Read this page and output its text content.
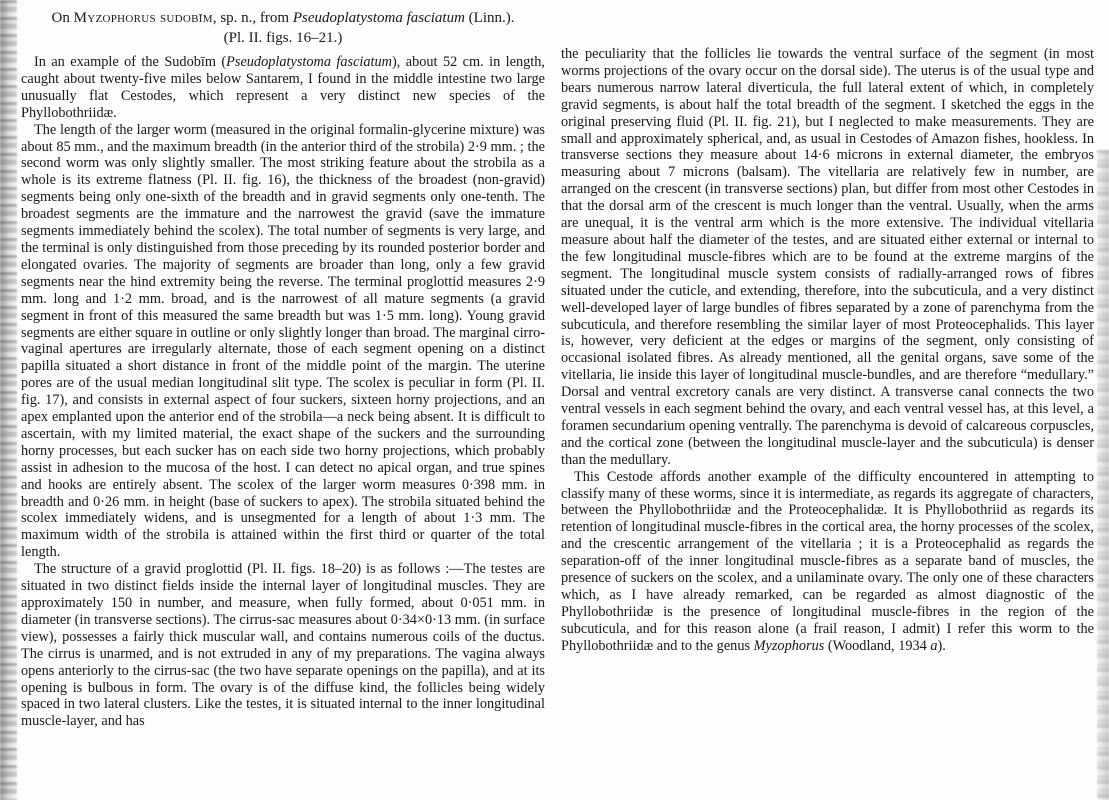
On Myzophorus sudobīm, sp. n., from Pseudoplatystoma fasciatum (Linn.).
(Pl. II. figs. 16–21.)

In an example of the Sudobīm (Pseudoplatystoma fasciatum), about 52 cm. in length, caught about twenty-five miles below Santarem, I found in the middle intestine two large unusually flat Cestodes, which represent a very distinct new species of the Phyllobothriidæ.

The length of the larger worm (measured in the original formalin-glycerine mixture) was about 85 mm., and the maximum breadth (in the anterior third of the strobila) 2·9 mm. ; the second worm was only slightly smaller. The most striking feature about the strobila as a whole is its extreme flatness (Pl. II. fig. 16), the thickness of the broadest (non-gravid) segments being only one-sixth of the breadth and in gravid segments only one-tenth. The broadest segments are the immature and the narrowest the gravid (save the immature segments immediately behind the scolex). The total number of segments is very large, and the terminal is only distinguished from those preceding by its rounded posterior border and elongated ovaries. The majority of segments are broader than long, only a few gravid segments near the hind extremity being the reverse. The terminal proglottid measures 2·9 mm. long and 1·2 mm. broad, and is the narrowest of all mature segments (a gravid segment in front of this measured the same breadth but was 1·5 mm. long). Young gravid segments are either square in outline or only slightly longer than broad. The marginal cirro-vaginal apertures are irregularly alternate, those of each segment opening on a distinct papilla situated a short distance in front of the middle point of the margin. The uterine pores are of the usual median longitudinal slit type. The scolex is peculiar in form (Pl. II. fig. 17), and consists in external aspect of four suckers, sixteen horny projections, and an apex emplanted upon the anterior end of the strobila—a neck being absent. It is difficult to ascertain, with my limited material, the exact shape of the suckers and the surrounding horny processes, but each sucker has on each side two horny projections, which probably assist in adhesion to the mucosa of the host. I can detect no apical organ, and true spines and hooks are entirely absent. The scolex of the larger worm measures 0·398 mm. in breadth and 0·26 mm. in height (base of suckers to apex). The strobila situated behind the scolex immediately widens, and is unsegmented for a length of about 1·3 mm. The maximum width of the strobila is attained within the first third or quarter of the total length.

The structure of a gravid proglottid (Pl. II. figs. 18–20) is as follows :—The testes are situated in two distinct fields inside the internal layer of longitudinal muscles. They are approximately 150 in number, and measure, when fully formed, about 0·051 mm. in diameter (in transverse sections). The cirrus-sac measures about 0·34×0·13 mm. (in surface view), possesses a fairly thick muscular wall, and contains numerous coils of the ductus. The cirrus is unarmed, and is not extruded in any of my preparations. The vagina always opens anteriorly to the cirrus-sac (the two have separate openings on the papilla), and at its opening is bulbous in form. The ovary is of the diffuse kind, the follicles being widely spaced in two lateral clusters. Like the testes, it is situated internal to the inner longitudinal muscle-layer, and has

the peculiarity that the follicles lie towards the ventral surface of the segment (in most worms projections of the ovary occur on the dorsal side). The uterus is of the usual type and bears numerous narrow lateral diverticula, the full lateral extent of which, in completely gravid segments, is about half the total breadth of the segment. I sketched the eggs in the original preserving fluid (Pl. II. fig. 21), but I neglected to make measurements. They are small and approximately spherical, and, as usual in Cestodes of Amazon fishes, hookless. In transverse sections they measure about 14·6 microns in external diameter, the embryos measuring about 7 microns (balsam). The vitellaria are relatively few in number, are arranged on the crescent (in transverse sections) plan, but differ from most other Cestodes in that the dorsal arm of the crescent is much longer than the ventral. Usually, when the arms are unequal, it is the ventral arm which is the more extensive. The individual vitellaria measure about half the diameter of the testes, and are situated either external or internal to the few longitudinal muscle-fibres which are to be found at the extreme margins of the segment. The longitudinal muscle system consists of radially-arranged rows of fibres situated under the cuticle, and extending, therefore, into the subcuticula, and a very distinct well-developed layer of large bundles of fibres separated by a zone of parenchyma from the subcuticula, and therefore resembling the similar layer of most Proteocephalids. This layer is, however, very deficient at the edges or margins of the segment, only consisting of occasional isolated fibres. As already mentioned, all the genital organs, save some of the vitellaria, lie inside this layer of longitudinal muscle-bundles, and are therefore “medullary.” Dorsal and ventral excretory canals are very distinct. A transverse canal connects the two ventral vessels in each segment behind the ovary, and each ventral vessel has, at this level, a foramen secundarium opening ventrally. The parenchyma is devoid of calcareous corpuscles, and the cortical zone (between the longitudinal muscle-layer and the subcuticula) is denser than the medullary.

This Cestode affords another example of the difficulty encountered in attempting to classify many of these worms, since it is intermediate, as regards its aggregate of characters, between the Phyllobothriidæ and the Proteocephalidæ. It is Phyllobothriid as regards its retention of longitudinal muscle-fibres in the cortical area, the horny processes of the scolex, and the crescentic arrangement of the vitellaria ; it is a Proteocephalid as regards the separation-off of the inner longitudinal muscle-fibres as a separate band of muscles, the presence of suckers on the scolex, and a unilaminate ovary. The only one of these characters which, as I have already remarked, can be regarded as almost diagnostic of the Phyllobothriidæ is the presence of longitudinal muscle-fibres in the region of the subcuticula, and for this reason alone (a frail reason, I admit) I refer this worm to the Phyllobothriidæ and to the genus Myzophorus (Woodland, 1934 a).
